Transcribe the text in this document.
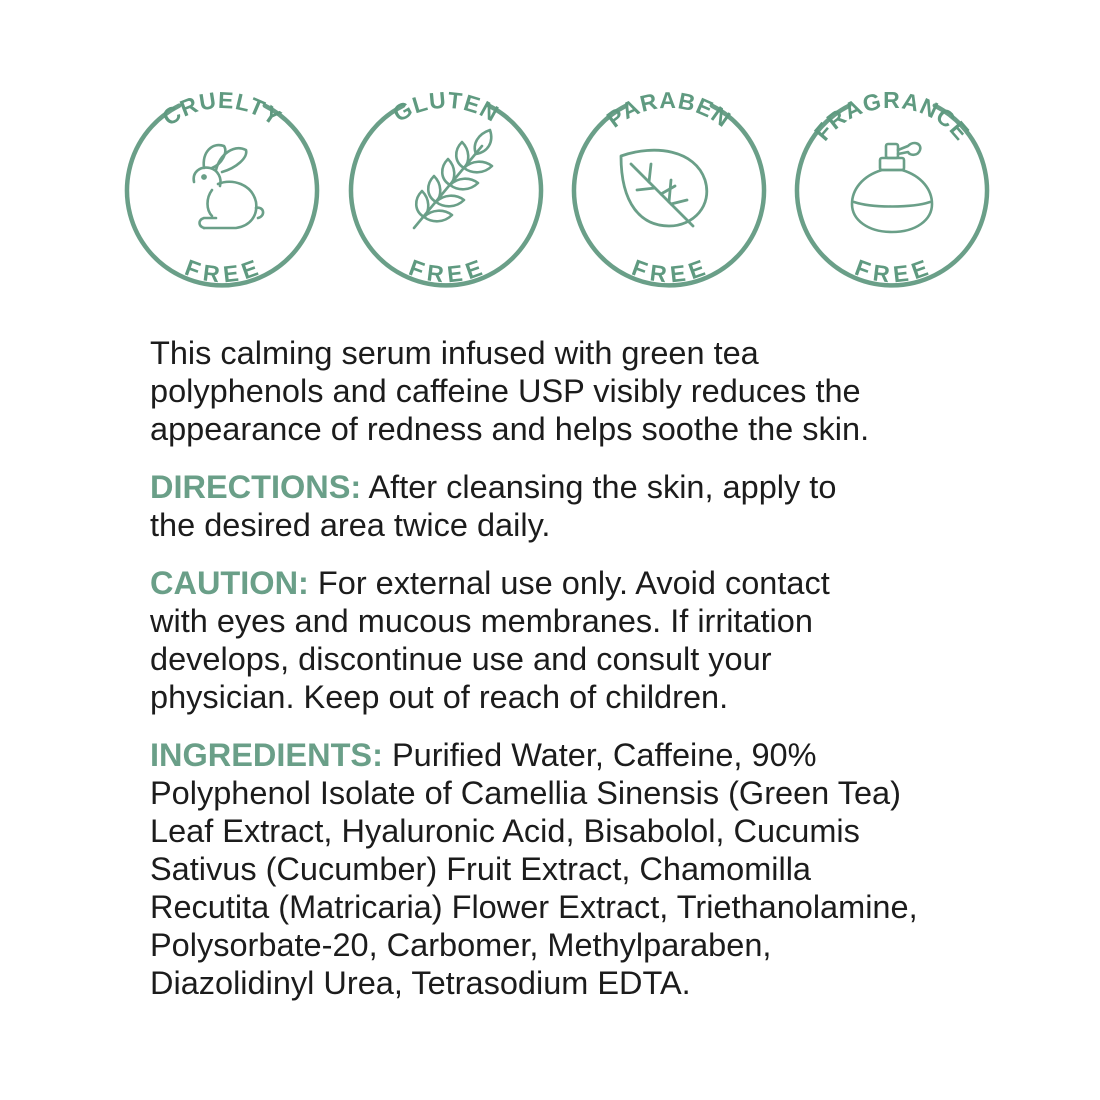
CRUELTY
FREE
GLUTEN
FREE
PARABEN
FREE
FRAGRANCE
FREE

This calming serum infused with green tea

polyphenols and caffeine USP visibly reduces the

appearance of redness and helps soothe the skin.

DIRECTIONS: After cleansing the skin, apply to

the desired area twice daily.

CAUTION: For external use only. Avoid contact

with eyes and mucous membranes. If irritation

develops, discontinue use and consult your

physician. Keep out of reach of children.

INGREDIENTS: Purified Water, Caffeine, 90%

Polyphenol Isolate of Camellia Sinensis (Green Tea)

Leaf Extract, Hyaluronic Acid, Bisabolol, Cucumis

Sativus (Cucumber) Fruit Extract, Chamomilla

Recutita (Matricaria) Flower Extract, Triethanolamine,

Polysorbate-20, Carbomer, Methylparaben,

Diazolidinyl Urea, Tetrasodium EDTA.
